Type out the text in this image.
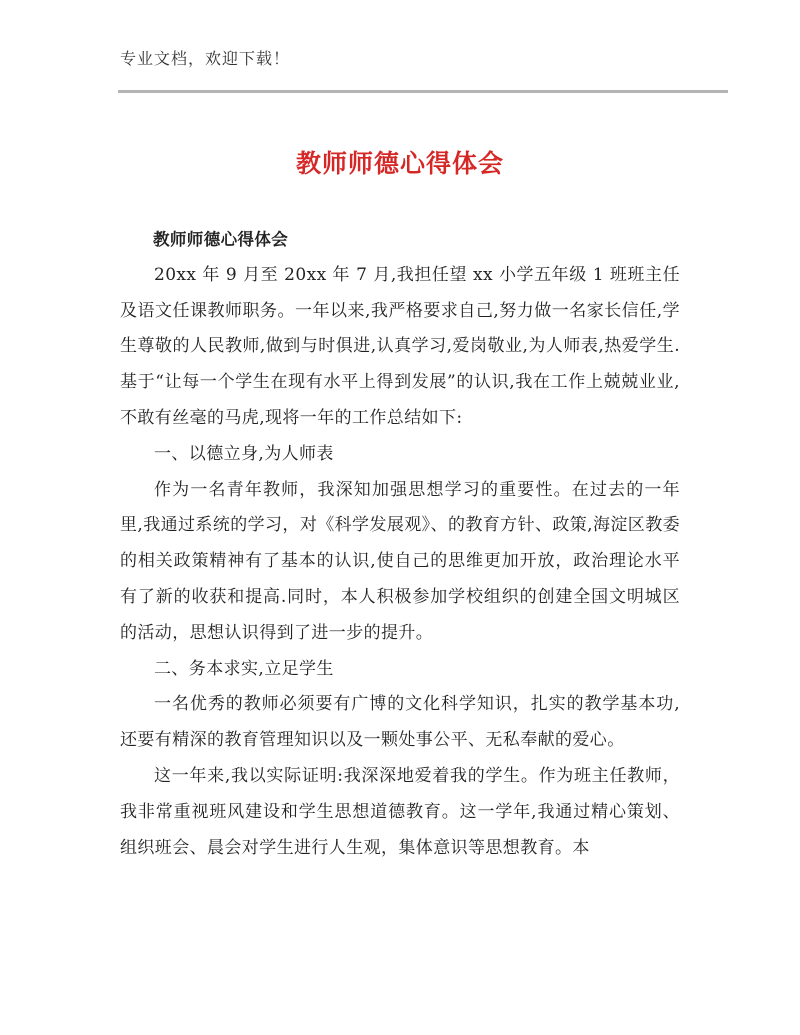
专业文档，欢迎下载！
教师师德心得体会

教师师德心得体会

20xx 年 9 月至 20xx 年 7 月,我担任望 xx 小学五年级 1 班班主任及语文任课教师职务。一年以来,我严格要求自己,努力做一名家长信任,学生尊敬的人民教师,做到与时俱进,认真学习,爱岗敬业,为人师表,热爱学生.基于“让每一个学生在现有水平上得到发展”的认识,我在工作上兢兢业业,不敢有丝毫的马虎,现将一年的工作总结如下:

一、以德立身,为人师表

作为一名青年教师，我深知加强思想学习的重要性。在过去的一年里,我通过系统的学习，对《科学发展观》、的教育方针、政策,海淀区教委的相关政策精神有了基本的认识,使自己的思维更加开放，政治理论水平有了新的收获和提高.同时，本人积极参加学校组织的创建全国文明城区的活动，思想认识得到了进一步的提升。

二、务本求实,立足学生

一名优秀的教师必须要有广博的文化科学知识，扎实的教学基本功,还要有精深的教育管理知识以及一颗处事公平、无私奉献的爱心。

这一年来,我以实际证明:我深深地爱着我的学生。作为班主任教师，我非常重视班风建设和学生思想道德教育。这一学年,我通过精心策划、组织班会、晨会对学生进行人生观，集体意识等思想教育。本
